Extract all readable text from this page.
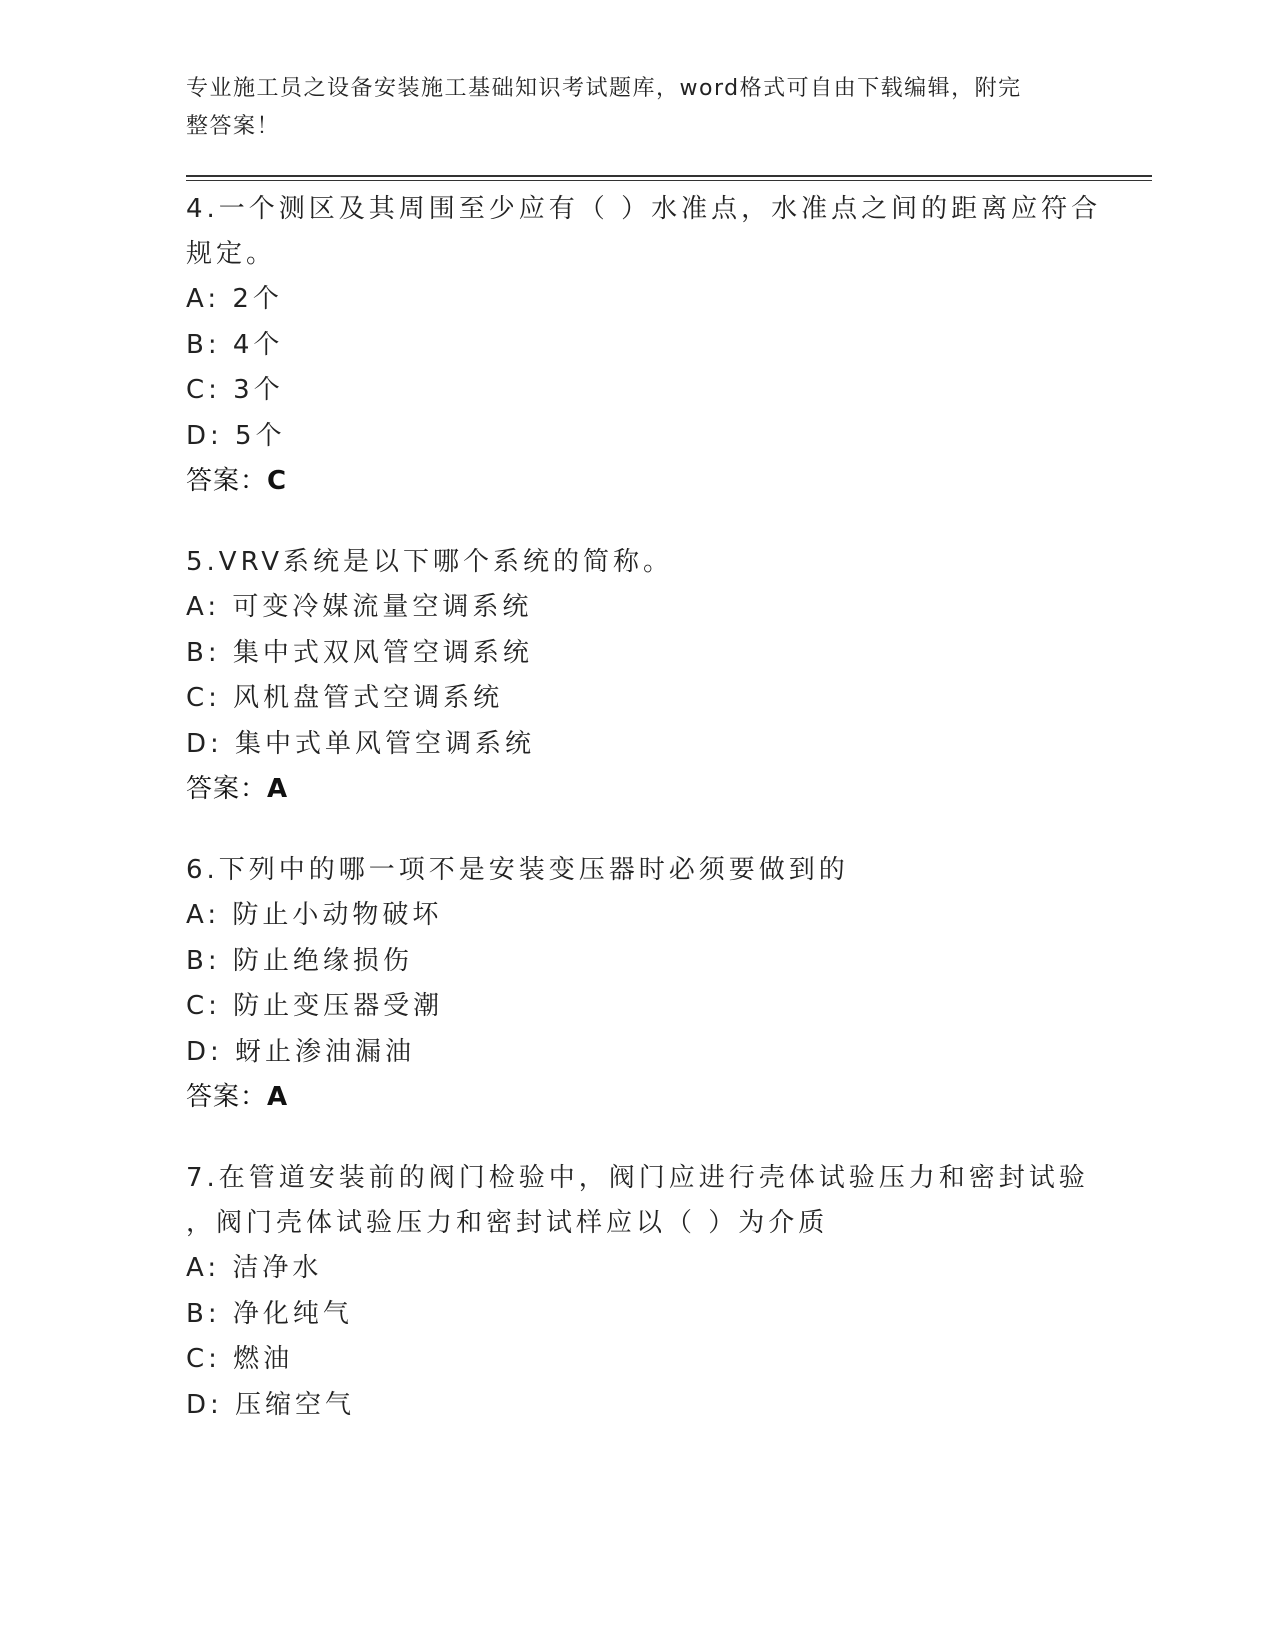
专业施工员之设备安装施工基础知识考试题库，word格式可自由下载编辑，附完
整答案！
4.一个测区及其周围至少应有（ ）水准点，水准点之间的距离应符合
规定。
A: 2个
B: 4个
C: 3个
D: 5个
答案：C
5.VRV系统是以下哪个系统的简称。
A: 可变冷媒流量空调系统
B: 集中式双风管空调系统
C: 风机盘管式空调系统
D: 集中式单风管空调系统
答案：A
6.下列中的哪一项不是安装变压器时必须要做到的
A: 防止小动物破坏
B: 防止绝缘损伤
C: 防止变压器受潮
D: 蚜止渗油漏油
答案：A
7.在管道安装前的阀门检验中，阀门应进行壳体试验压力和密封试验
，阀门壳体试验压力和密封试样应以（ ）为介质
A: 洁净水
B: 净化纯气
C: 燃油
D: 压缩空气
